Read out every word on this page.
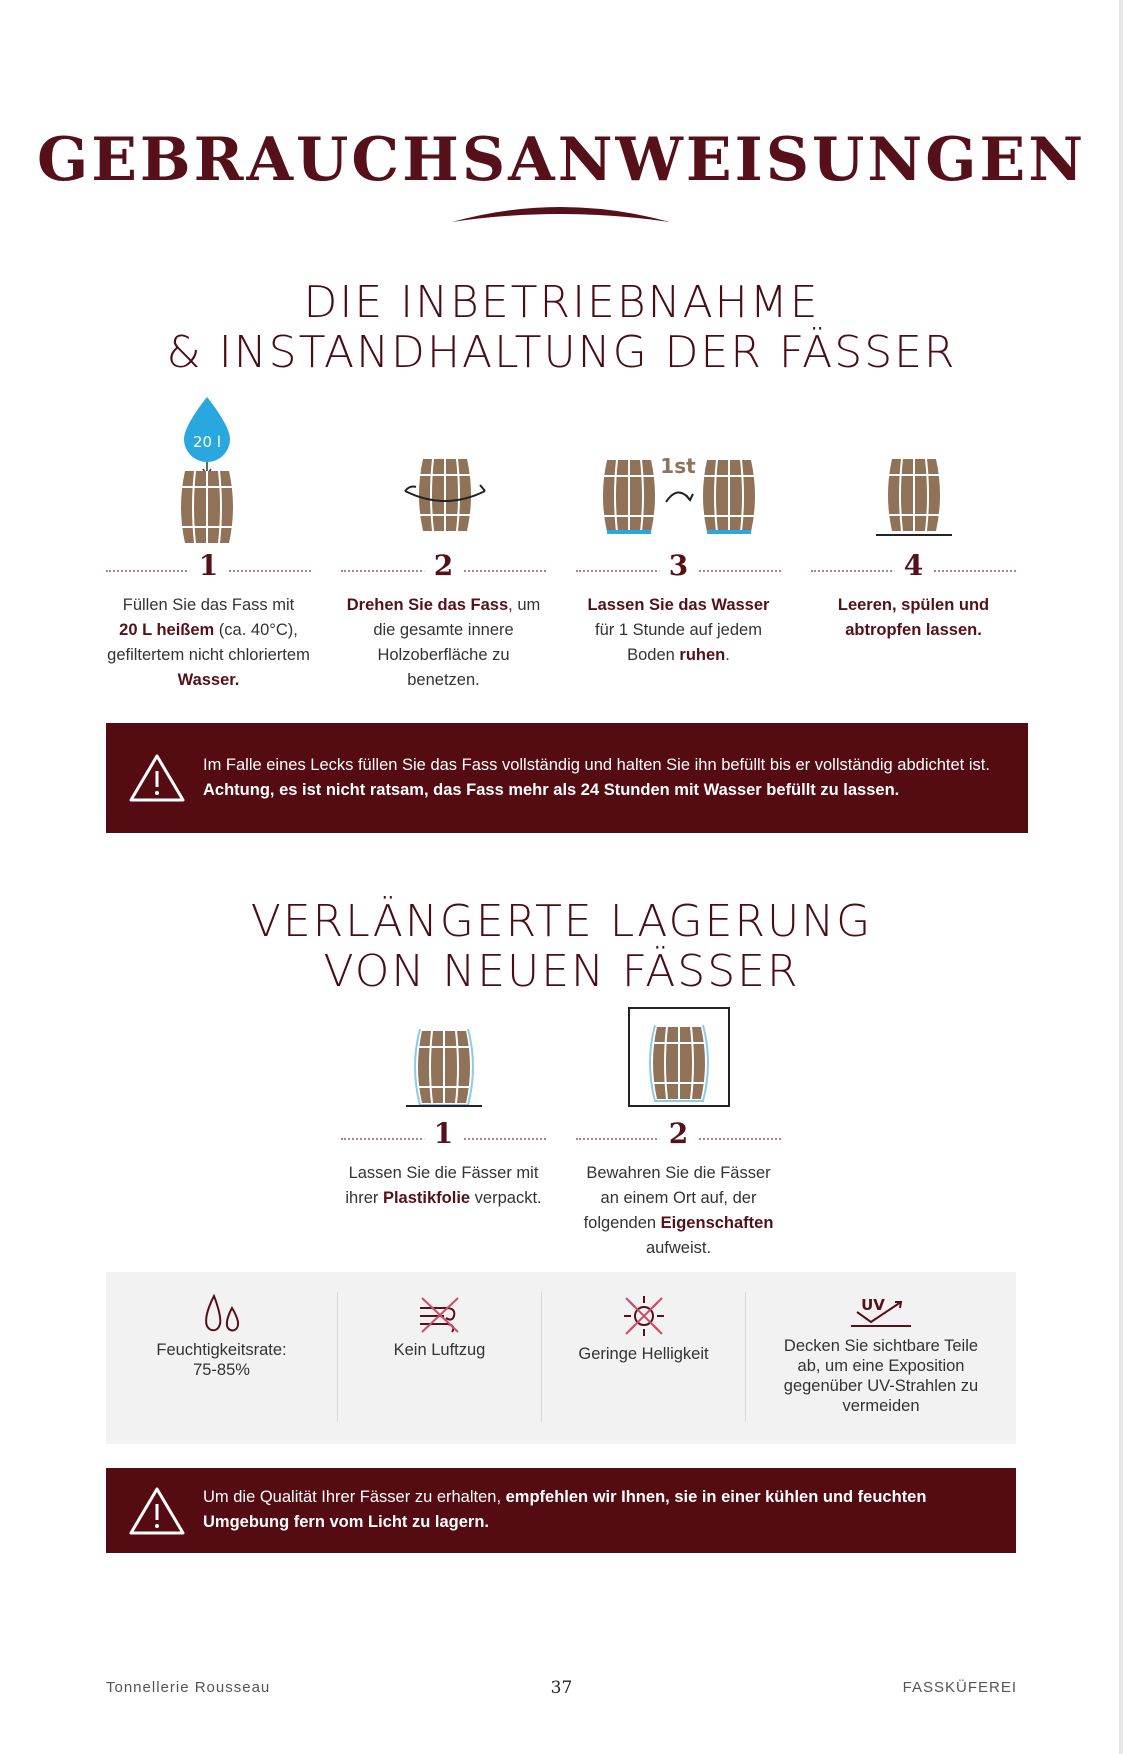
GEBRAUCHSANWEISUNGEN
DIE INBETRIEBNAHME
& INSTANDHALTUNG DER FÄSSER
20 l
1st
1

Füllen Sie das Fass mit
20 L heißem (ca. 40°C), gefiltertem nicht chloriertem Wasser.

2

Drehen Sie das Fass, um die gesamte innere Holzoberfläche zu benetzen.

3

Lassen Sie das Wasser für 1 Stunde auf jedem Boden ruhen.

4

Leeren, spülen und abtropfen lassen.

Im Falle eines Lecks füllen Sie das Fass vollständig und halten Sie ihn befüllt bis er vollständig abdichtet ist.
Achtung, es ist nicht ratsam, das Fass mehr als 24 Stunden mit Wasser befüllt zu lassen.
VERLÄNGERTE LAGERUNG
VON NEUEN FÄSSER
1

Lassen Sie die Fässer mit ihrer Plastikfolie verpackt.

2

Bewahren Sie die Fässer an einem Ort auf, der folgenden Eigenschaften aufweist.

Feuchtigkeitsrate:
75-85%
Kein Luftzug	Geringe Helligkeit
UV
Decken Sie sichtbare Teile
ab, um eine Exposition
gegenüber UV-Strahlen zu
vermeiden
Um die Qualität Ihrer Fässer zu erhalten, empfehlen wir Ihnen, sie in einer kühlen und feuchten Umgebung fern vom Licht zu lagern.
Tonnellerie Rousseau	37	FASSKÜFEREI
